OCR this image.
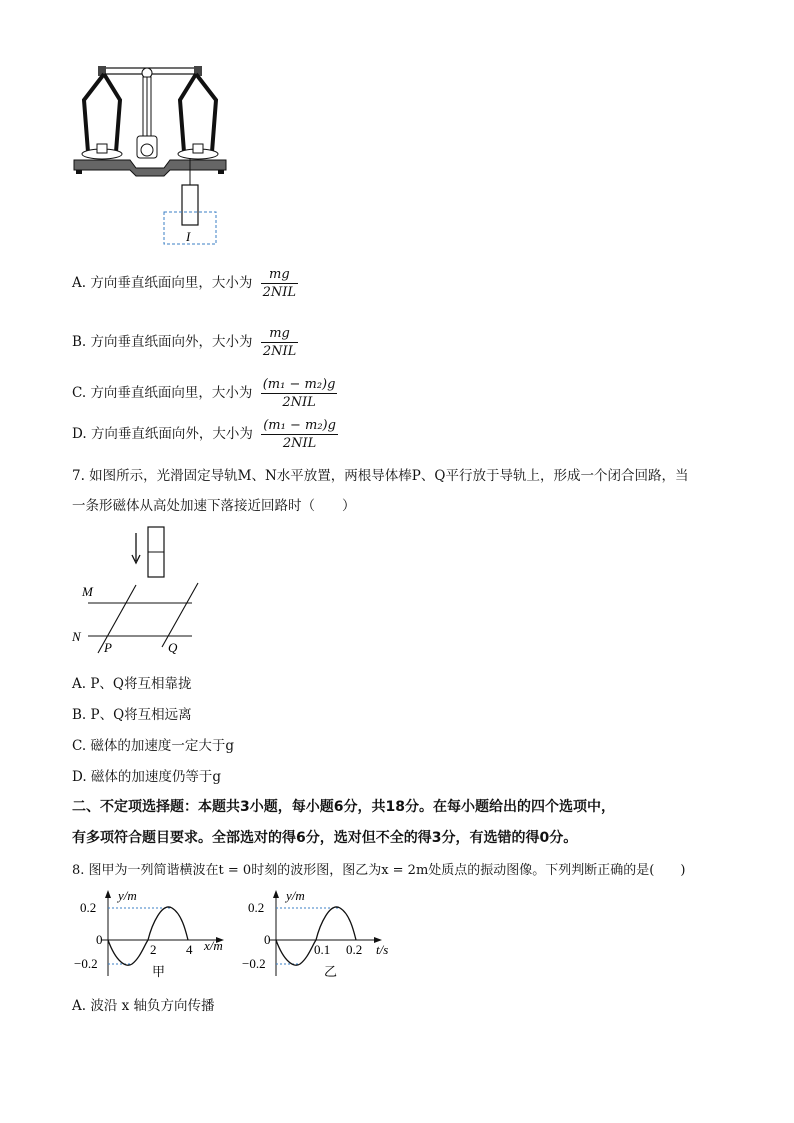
I
A. 方向垂直纸面向里，大小为 $\frac{mg}{\text{2NIL}}$
B. 方向垂直纸面向外，大小为 $\frac{mg}{\text{2NIL}}$
C. 方向垂直纸面向里，大小为 $\frac{\text{(m₁ − m₂)g}}{\text{2NIL}}$
D. 方向垂直纸面向外，大小为 $\frac{\text{(m₁ − m₂)g}}{\text{2NIL}}$
7. 如图所示，光滑固定导轨M、N水平放置，两根导体棒P、Q平行放于导轨上，形成一个闭合回路，当
一条形磁体从高处加速下落接近回路时（　　）
M
N
P	Q
A. P、Q将互相靠拢
B. P、Q将互相远离
C. 磁体的加速度一定大于g
D. 磁体的加速度仍等于g
二、不定项选择题：本题共3小题，每小题6分，共18分。在每小题给出的四个选项中，
有多项符合题目要求。全部选对的得6分，选对但不全的得3分，有选错的得0分。
8. 图甲为一列简谐横波在t = 0时刻的波形图，图乙为x = 2m处质点的振动图像。下列判断正确的是(　　)
y/m
0.2
0
−0.2
2 4 x/m
甲
y/m
0.2
0
−0.2
0.1 0.2 t/s
乙
A. 波沿 x 轴负方向传播
